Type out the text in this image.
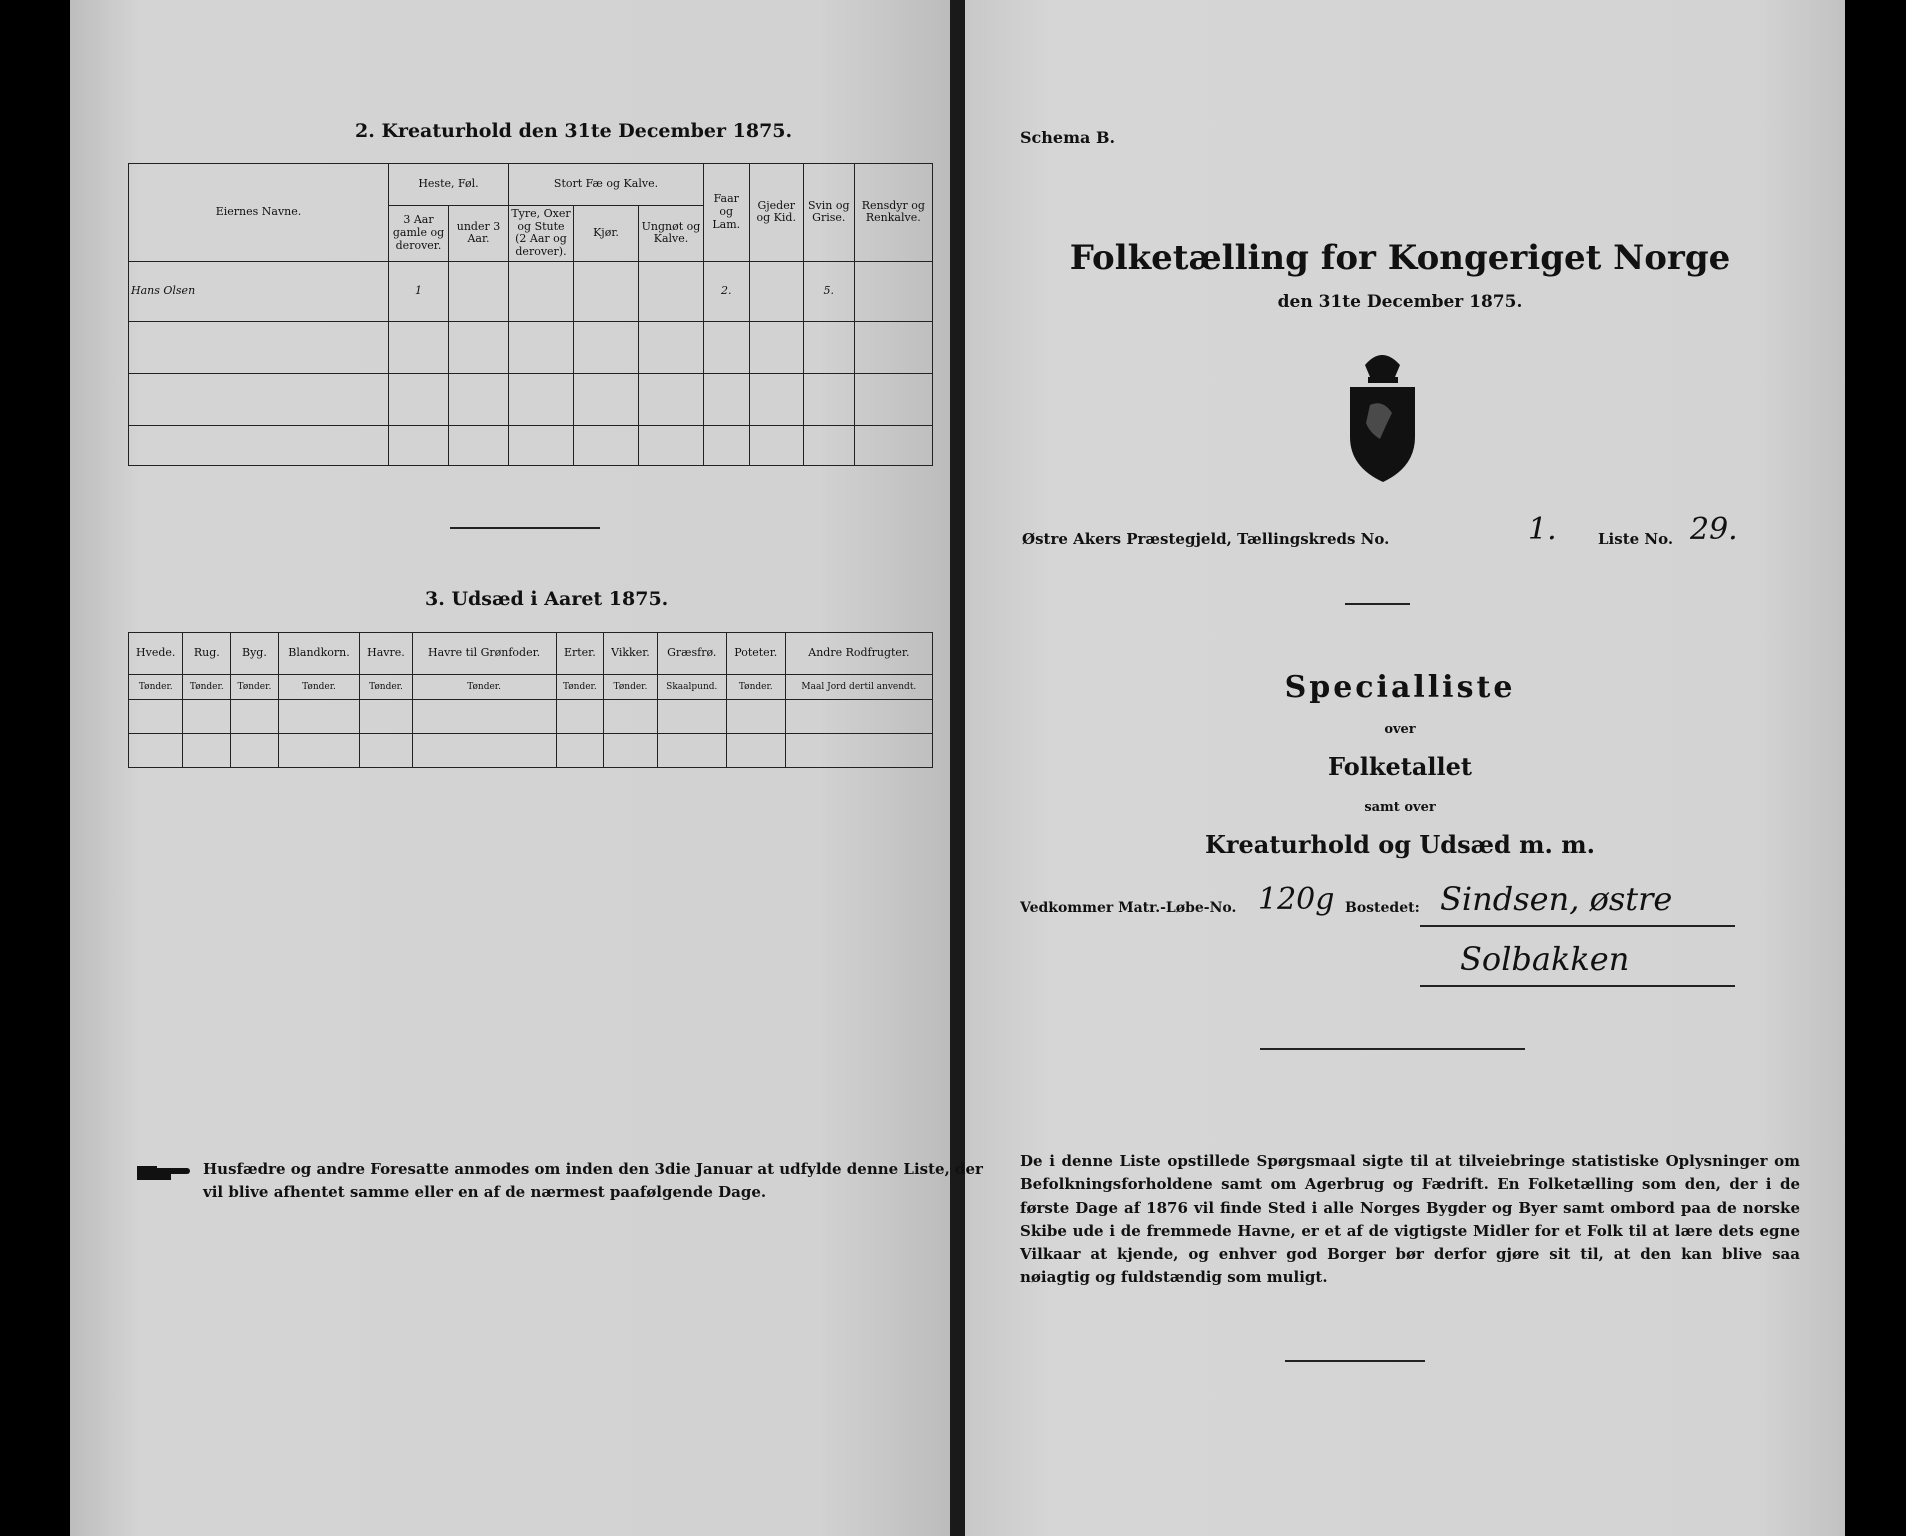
2. Kreaturhold den 31te December 1875.
Eiernes Navne.	Heste, Føl.		Stort Fæ og Kalve.			Faar og Lam.	Gjeder og Kid.	Svin og Grise.	Rensdyr og Renkalve.
	3 Aar gamle og derover.	under 3 Aar.	Tyre, Oxer og Stute (2 Aar og derover).	Kjør.	Ungnøt og Kalve.				
Hans Olsen	1					2.		5.	

3. Udsæd i Aaret 1875.
Hvede.	Rug.	Byg.	Blandkorn.	Havre.	Havre til Grønfoder.	Erter.	Vikker.	Græsfrø.	Poteter.	Andre Rodfrugter.
Tønder.	Tønder.	Tønder.	Tønder.	Tønder.	Tønder.	Tønder.	Tønder.	Skaalpund.	Tønder.	Maal Jord dertil anvendt.

Husfædre og andre Foresatte anmodes om inden den 3die Januar at udfylde denne Liste, der vil blive afhentet samme eller en af de nærmest paafølgende Dage.
Schema B.
Folketælling for Kongeriget Norge
den 31te December 1875.
Østre Akers Præstegjeld, Tællingskreds No.	1.	Liste No. 29.
Specialliste
over
Folketallet
samt over
Kreaturhold og Udsæd m. m.
Vedkommer Matr.-Løbe-No. 120g Bostedet: Sindsen, østre
Solbakken
De i denne Liste opstillede Spørgsmaal sigte til at tilveiebringe statistiske Oplysninger om Befolkningsforholdene samt om Agerbrug og Fædrift. En Folketælling som den, der i de første Dage af 1876 vil finde Sted i alle Norges Bygder og Byer samt ombord paa de norske Skibe ude i de fremmede Havne, er et af de vigtigste Midler for et Folk til at lære dets egne Vilkaar at kjende, og enhver god Borger bør derfor gjøre sit til, at den kan blive saa nøiagtig og fuldstændig som muligt.
